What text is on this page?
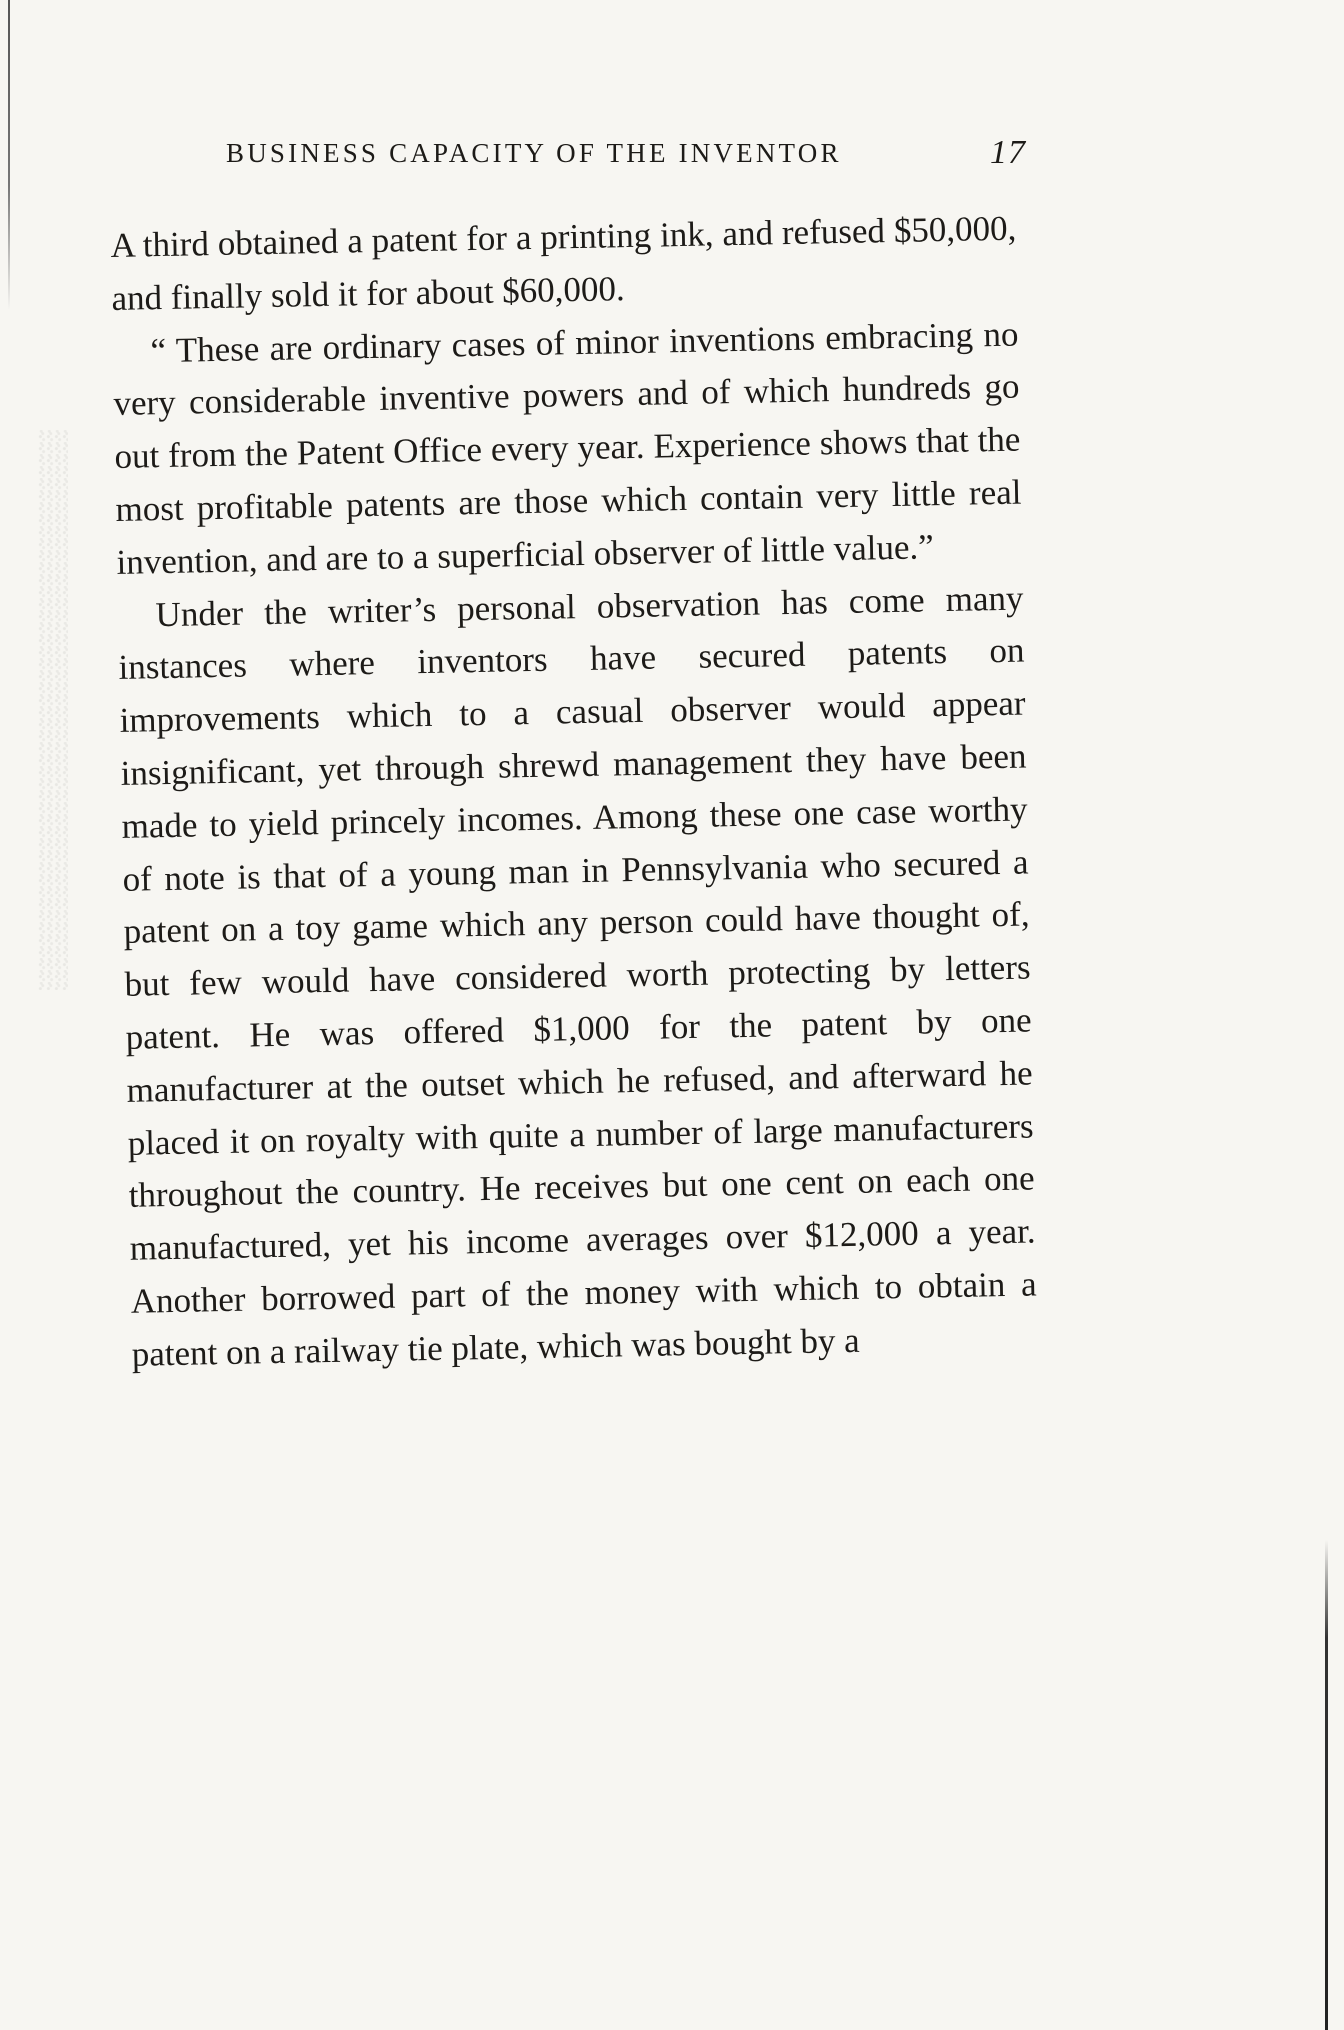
BUSINESS CAPACITY OF THE INVENTOR	17

A third obtained a patent for a printing ink, and refused $50,000, and finally sold it for about $60,000.

“ These are ordinary cases of minor inventions embracing no very considerable inventive powers and of which hundreds go out from the Patent Office every year. Experience shows that the most profitable patents are those which contain very little real invention, and are to a superficial observer of little value.”

Under the writer’s personal observation has come many instances where inventors have secured patents on improvements which to a casual observer would appear insignificant, yet through shrewd management they have been made to yield princely incomes. Among these one case worthy of note is that of a young man in Pennsylvania who secured a patent on a toy game which any person could have thought of, but few would have considered worth protecting by letters patent. He was offered $1,000 for the patent by one manufacturer at the outset which he refused, and afterward he placed it on royalty with quite a number of large manufacturers throughout the country. He receives but one cent on each one manufactured, yet his income averages over $12,000 a year. Another borrowed part of the money with which to obtain a patent on a railway tie plate, which was bought by a
